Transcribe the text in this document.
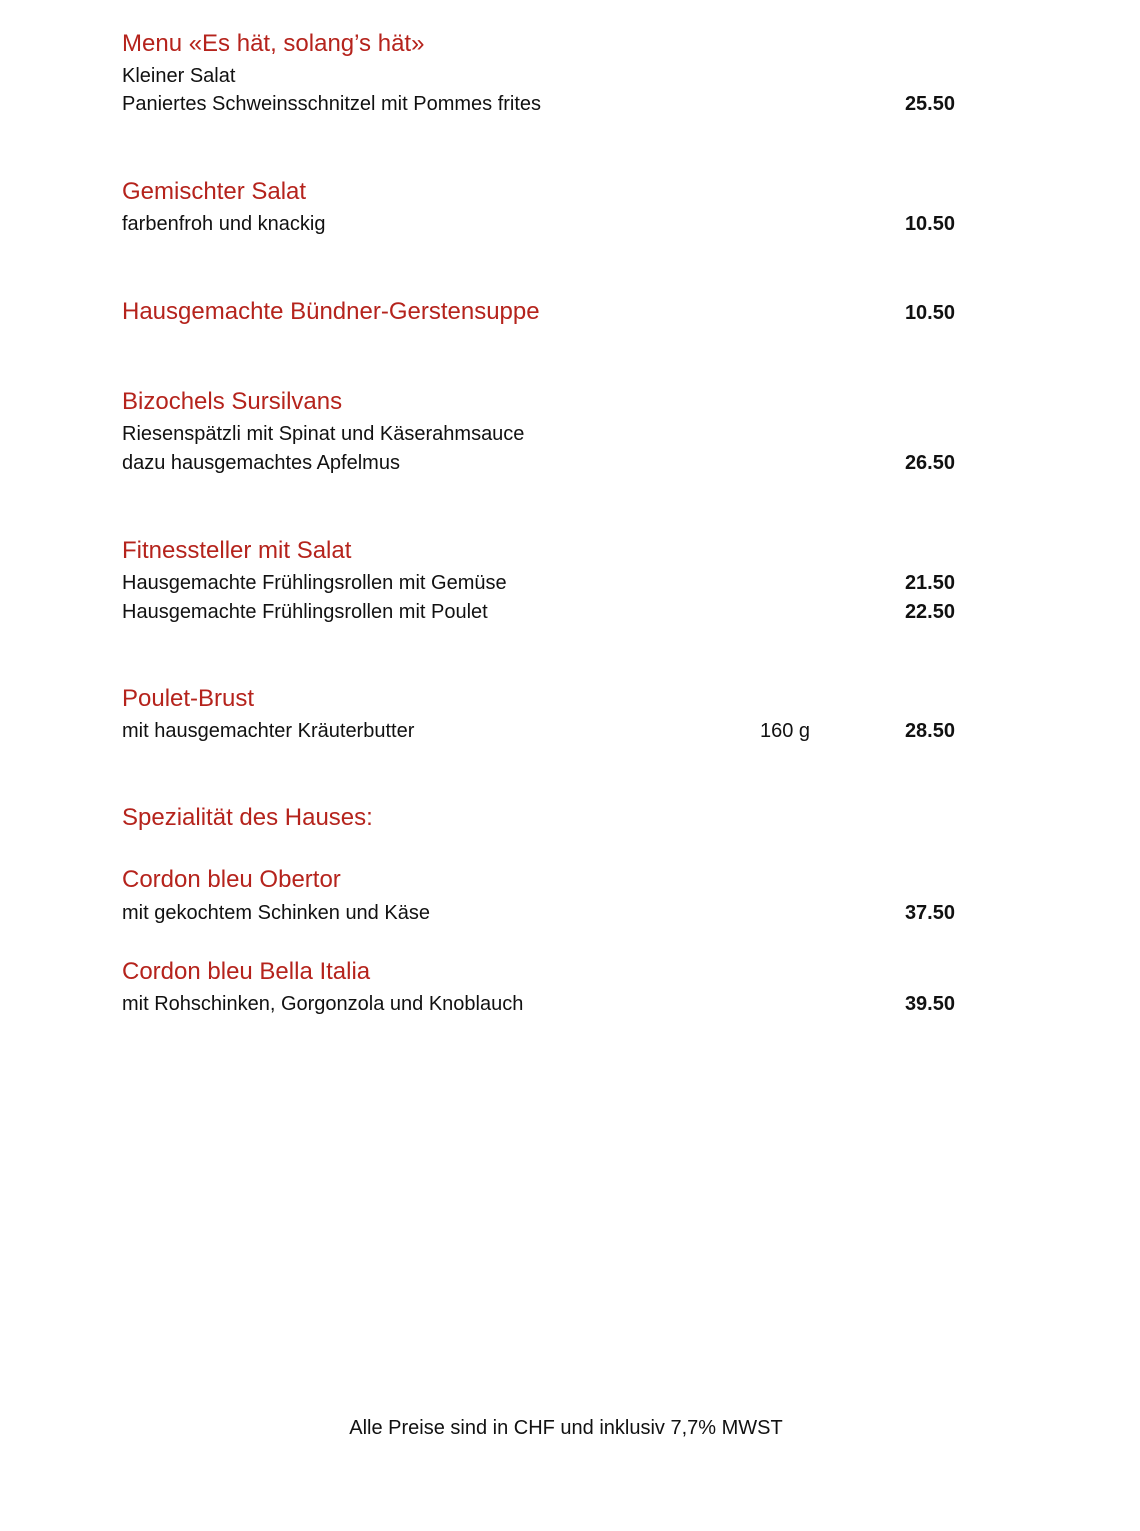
Menu «Es hät, solang’s hät»
Kleiner Salat
Paniertes Schweinsschnitzel mit Pommes frites	25.50
Gemischter Salat
farbenfroh und knackig	10.50
Hausgemachte Bündner-Gerstensuppe	10.50
Bizochels Sursilvans
Riesenspätzli mit Spinat und Käserahmsauce
dazu hausgemachtes Apfelmus	26.50
Fitnessteller mit Salat
Hausgemachte Frühlingsrollen mit Gemüse	21.50
Hausgemachte Frühlingsrollen mit Poulet	22.50
Poulet-Brust
mit hausgemachter Kräuterbutter	160 g	28.50
Spezialität des Hauses:
Cordon bleu Obertor
mit gekochtem Schinken und Käse	37.50
Cordon bleu Bella Italia
mit Rohschinken, Gorgonzola und Knoblauch	39.50
Alle Preise sind in CHF und inklusiv 7,7% MWST
